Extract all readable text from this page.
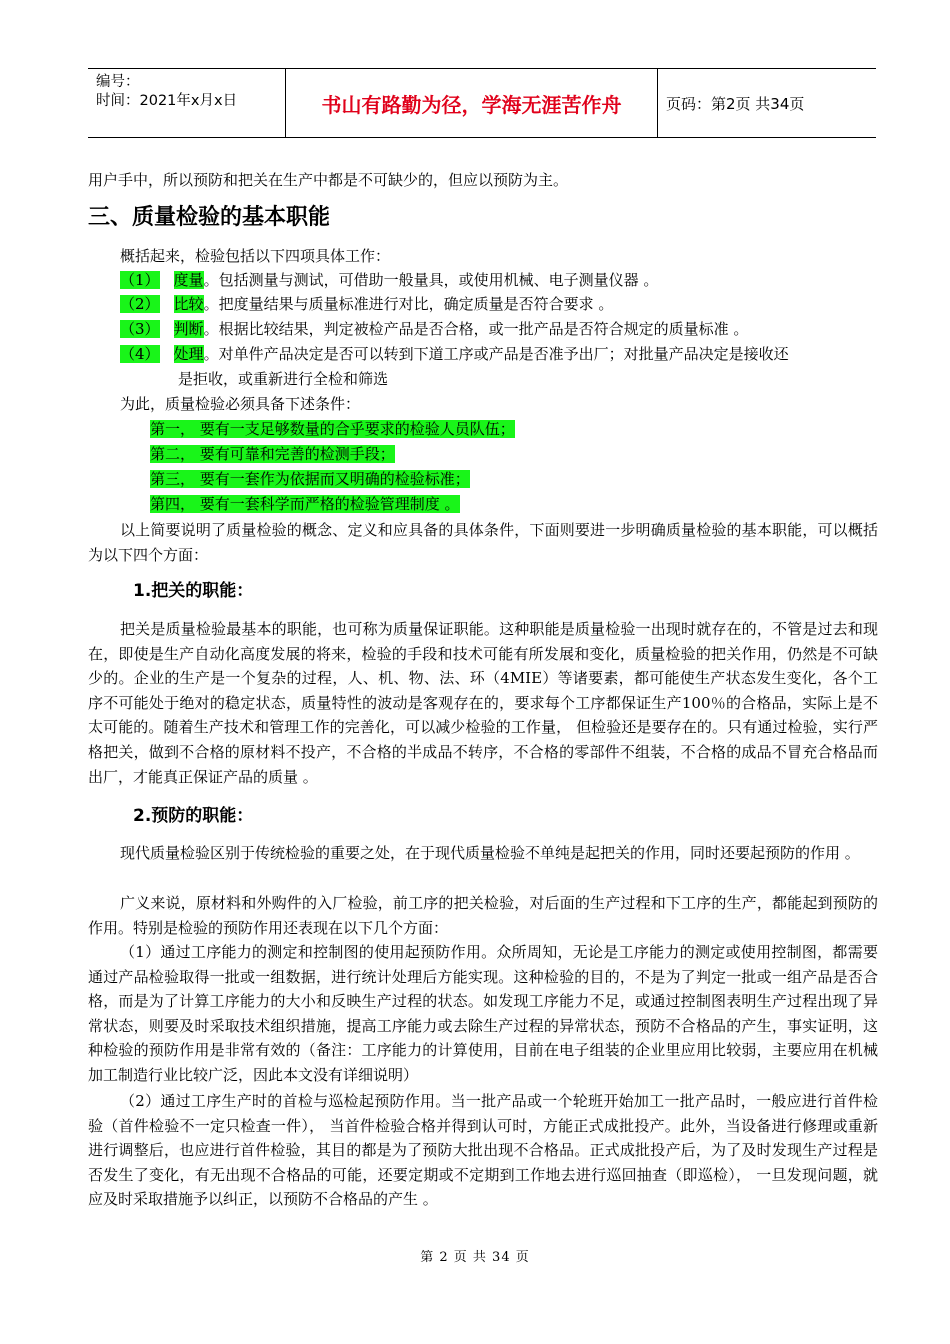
编号：
时间：2021年x月x日	书山有路勤为径，学海无涯苦作舟	页码：第2页 共34页
用户手中，所以预防和把关在生产中都是不可缺少的，但应以预防为主。
三、质量检验的基本职能
概括起来，检验包括以下四项具体工作：
（1） 度量。包括测量与测试，可借助一般量具，或使用机械、电子测量仪器 。
（2） 比较。把度量结果与质量标准进行对比，确定质量是否符合要求 。
（3） 判断。根据比较结果，判定被检产品是否合格，或一批产品是否符合规定的质量标准 。
（4） 处理。对单件产品决定是否可以转到下道工序或产品是否准予出厂；对批量产品决定是接收还
是拒收，或重新进行全检和筛选
为此，质量检验必须具备下述条件：
第一， 要有一支足够数量的合乎要求的检验人员队伍；
第二， 要有可靠和完善的检测手段；
第三， 要有一套作为依据而又明确的检验标准；
第四， 要有一套科学而严格的检验管理制度 。
以上简要说明了质量检验的概念、定义和应具备的具体条件，下面则要进一步明确质量检验的基本职能，可以概括为以下四个方面：
1.把关的职能：
把关是质量检验最基本的职能，也可称为质量保证职能。这种职能是质量检验一出现时就存在的，不管是过去和现在，即使是生产自动化高度发展的将来，检验的手段和技术可能有所发展和变化，质量检验的把关作用，仍然是不可缺少的。企业的生产是一个复杂的过程，人、机、物、法、环（4MIE）等诸要素，都可能使生产状态发生变化，各个工序不可能处于绝对的稳定状态，质量特性的波动是客观存在的，要求每个工序都保证生产100％的合格品，实际上是不太可能的。随着生产技术和管理工作的完善化，可以减少检验的工作量， 但检验还是要存在的。只有通过检验，实行严格把关，做到不合格的原材料不投产，不合格的半成品不转序，不合格的零部件不组装，不合格的成品不冒充合格品而出厂，才能真正保证产品的质量 。
2.预防的职能：
现代质量检验区别于传统检验的重要之处，在于现代质量检验不单纯是起把关的作用，同时还要起预防的作用 。
广义来说，原材料和外购件的入厂检验，前工序的把关检验，对后面的生产过程和下工序的生产，都能起到预防的作用。特别是检验的预防作用还表现在以下几个方面：
（1）通过工序能力的测定和控制图的使用起预防作用。众所周知，无论是工序能力的测定或使用控制图，都需要通过产品检验取得一批或一组数据，进行统计处理后方能实现。这种检验的目的，不是为了判定一批或一组产品是否合格，而是为了计算工序能力的大小和反映生产过程的状态。如发现工序能力不足，或通过控制图表明生产过程出现了异常状态，则要及时采取技术组织措施，提高工序能力或去除生产过程的异常状态，预防不合格品的产生，事实证明，这种检验的预防作用是非常有效的（备注：工序能力的计算使用，目前在电子组装的企业里应用比较弱，主要应用在机械加工制造行业比较广泛，因此本文没有详细说明）
（2）通过工序生产时的首检与巡检起预防作用。当一批产品或一个轮班开始加工一批产品时，一般应进行首件检验（首件检验不一定只检查一件）， 当首件检验合格并得到认可时，方能正式成批投产。此外，当设备进行修理或重新进行调整后，也应进行首件检验，其目的都是为了预防大批出现不合格品。正式成批投产后，为了及时发现生产过程是否发生了变化，有无出现不合格品的可能，还要定期或不定期到工作地去进行巡回抽查（即巡检）， 一旦发现问题，就应及时采取措施予以纠正，以预防不合格品的产生 。
第 2 页 共 34 页
